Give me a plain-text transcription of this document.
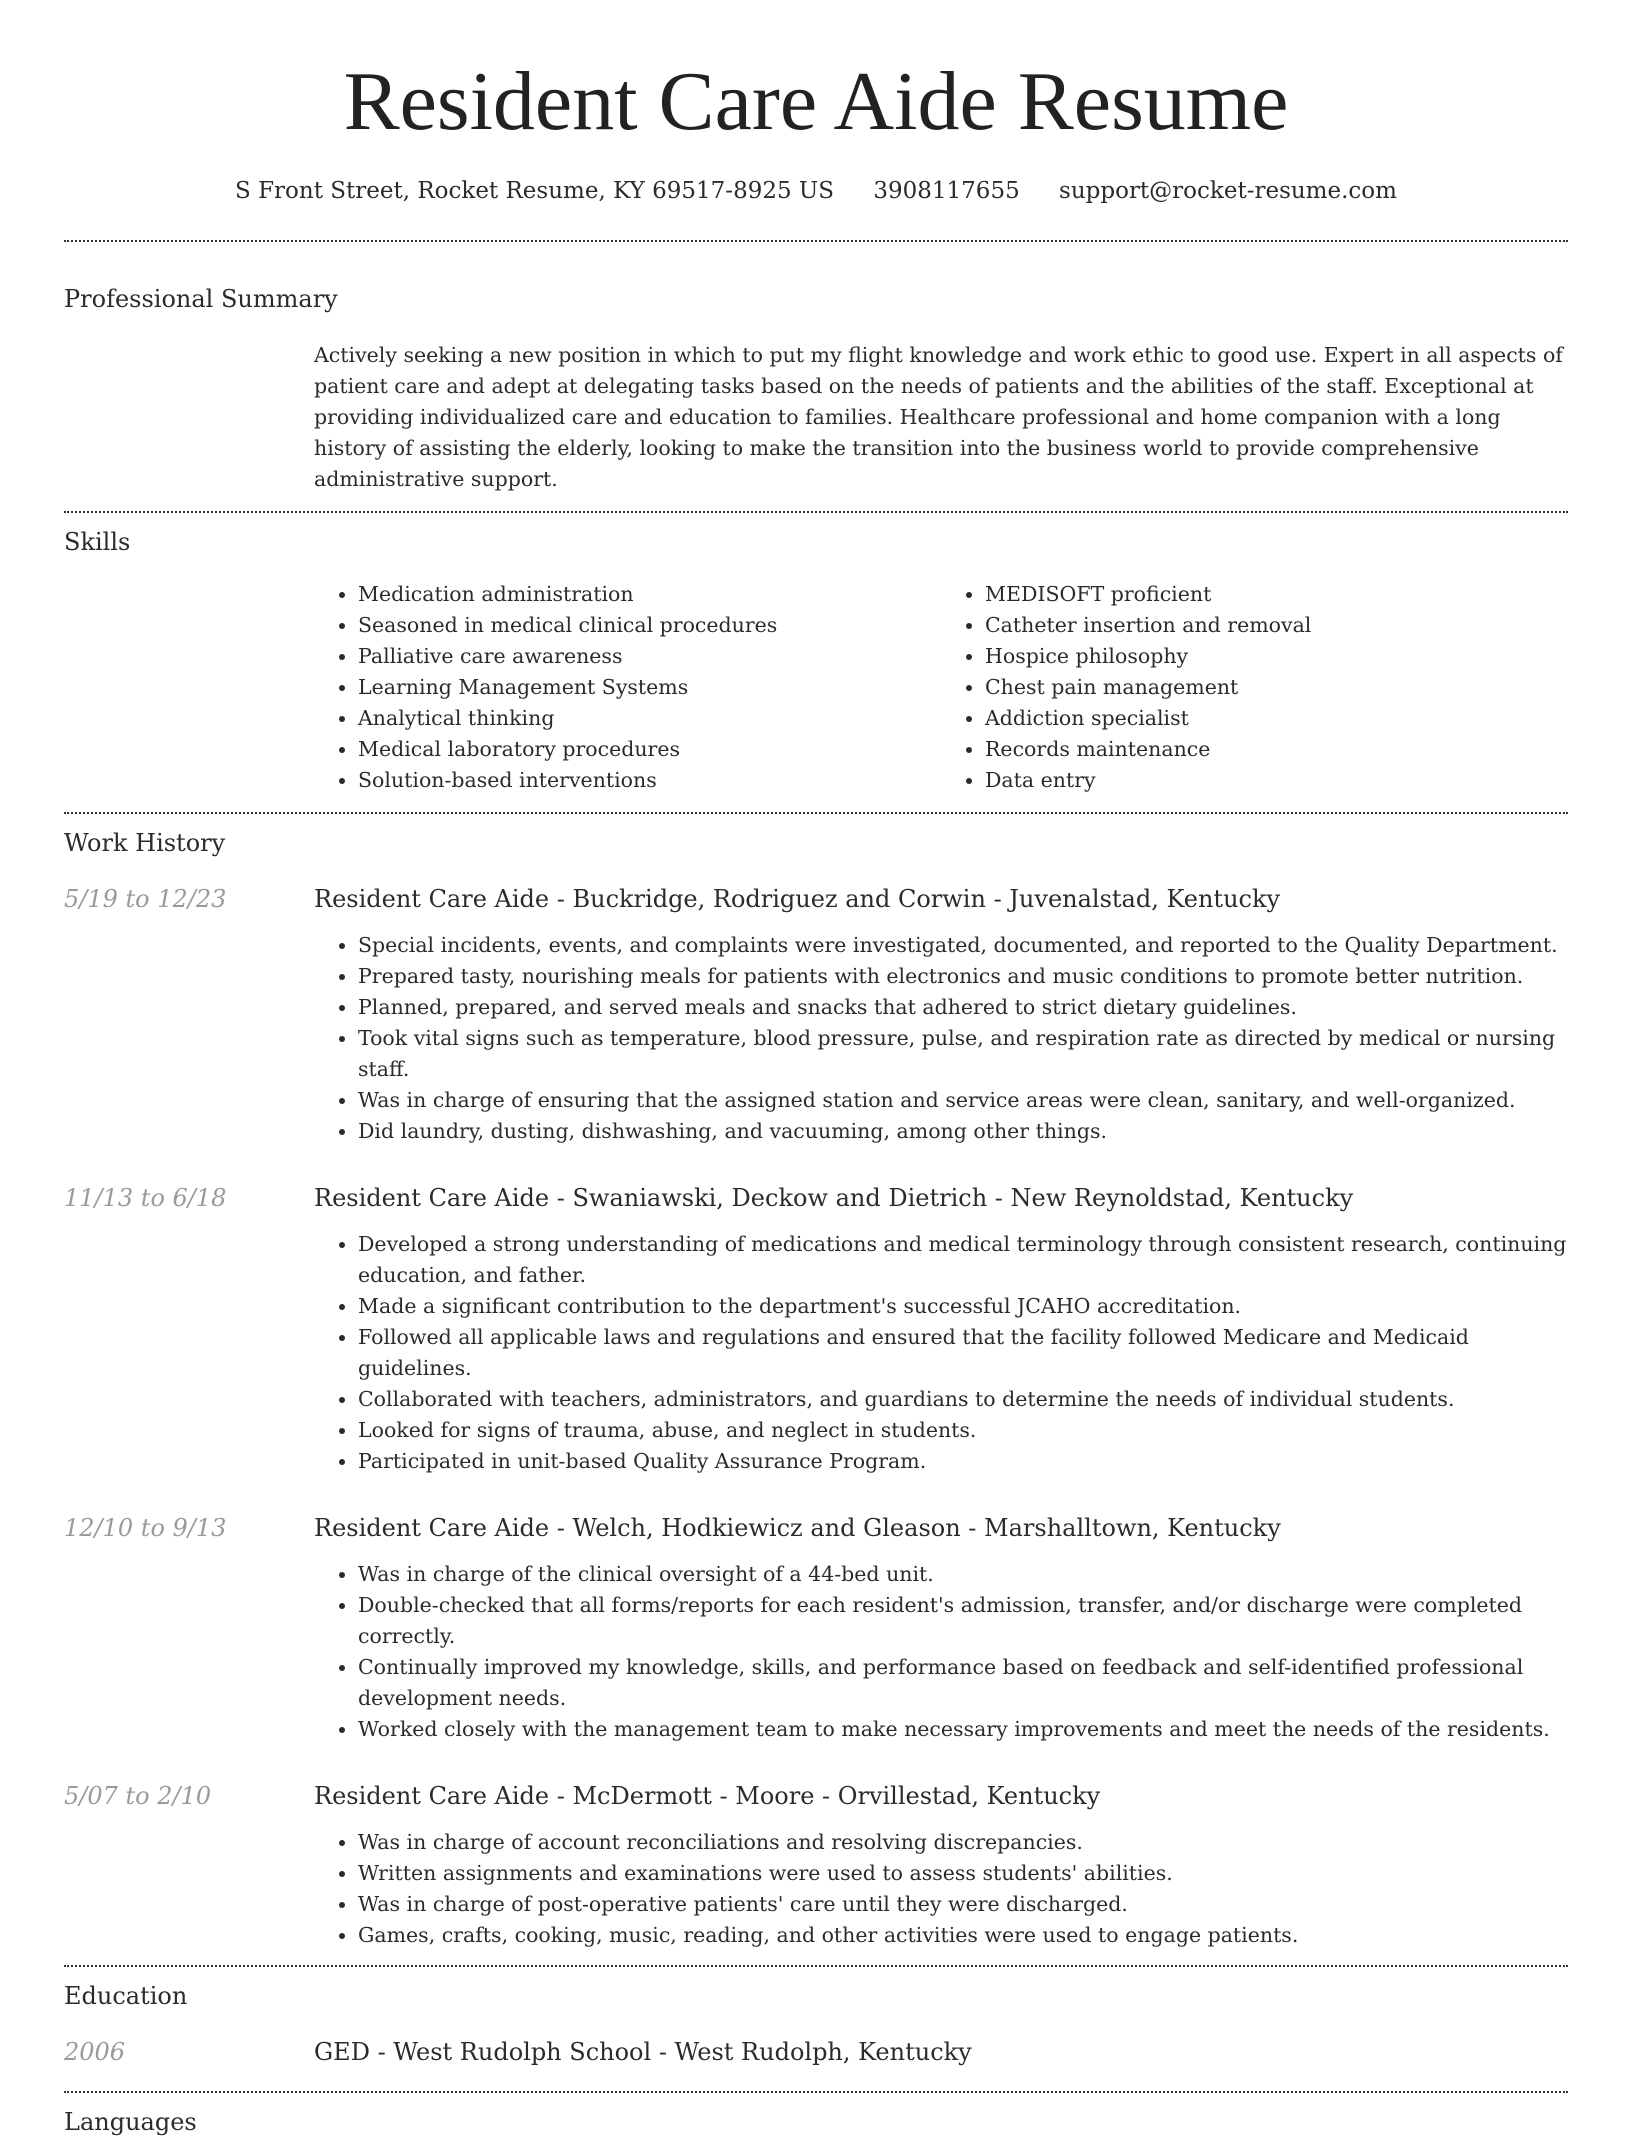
Resident Care Aide Resume
S Front Street, Rocket Resume, KY 69517-8925 US 3908117655 support@rocket-resume.com
Professional Summary

Actively seeking a new position in which to put my flight knowledge and work ethic to good use. Expert in all aspects of patient care and adept at delegating tasks based on the needs of patients and the abilities of the staff. Exceptional at providing individualized care and education to families. Healthcare professional and home companion with a long history of assisting the elderly, looking to make the transition into the business world to provide comprehensive administrative support.

Skills
• Medication administration
• Seasoned in medical clinical procedures
• Palliative care awareness
• Learning Management Systems
• Analytical thinking
• Medical laboratory procedures
• Solution-based interventions
• MEDISOFT proficient
• Catheter insertion and removal
• Hospice philosophy
• Chest pain management
• Addiction specialist
• Records maintenance
• Data entry
Work History
5/19 to 12/23	Resident Care Aide - Buckridge, Rodriguez and Corwin - Juvenalstad, Kentucky
• Special incidents, events, and complaints were investigated, documented, and reported to the Quality Department.
• Prepared tasty, nourishing meals for patients with electronics and music conditions to promote better nutrition.
• Planned, prepared, and served meals and snacks that adhered to strict dietary guidelines.
• Took vital signs such as temperature, blood pressure, pulse, and respiration rate as directed by medical or nursing staff.
• Was in charge of ensuring that the assigned station and service areas were clean, sanitary, and well-organized.
• Did laundry, dusting, dishwashing, and vacuuming, among other things.
11/13 to 6/18	Resident Care Aide - Swaniawski, Deckow and Dietrich - New Reynoldstad, Kentucky
• Developed a strong understanding of medications and medical terminology through consistent research, continuing education, and father.
• Made a significant contribution to the department's successful JCAHO accreditation.
• Followed all applicable laws and regulations and ensured that the facility followed Medicare and Medicaid guidelines.
• Collaborated with teachers, administrators, and guardians to determine the needs of individual students.
• Looked for signs of trauma, abuse, and neglect in students.
• Participated in unit-based Quality Assurance Program.
12/10 to 9/13	Resident Care Aide - Welch, Hodkiewicz and Gleason - Marshalltown, Kentucky
• Was in charge of the clinical oversight of a 44-bed unit.
• Double-checked that all forms/reports for each resident's admission, transfer, and/or discharge were completed correctly.
• Continually improved my knowledge, skills, and performance based on feedback and self-identified professional development needs.
• Worked closely with the management team to make necessary improvements and meet the needs of the residents.
5/07 to 2/10	Resident Care Aide - McDermott - Moore - Orvillestad, Kentucky
• Was in charge of account reconciliations and resolving discrepancies.
• Written assignments and examinations were used to assess students' abilities.
• Was in charge of post-operative patients' care until they were discharged.
• Games, crafts, cooking, music, reading, and other activities were used to engage patients.
Education
2006	GED - West Rudolph School - West Rudolph, Kentucky
Languages
